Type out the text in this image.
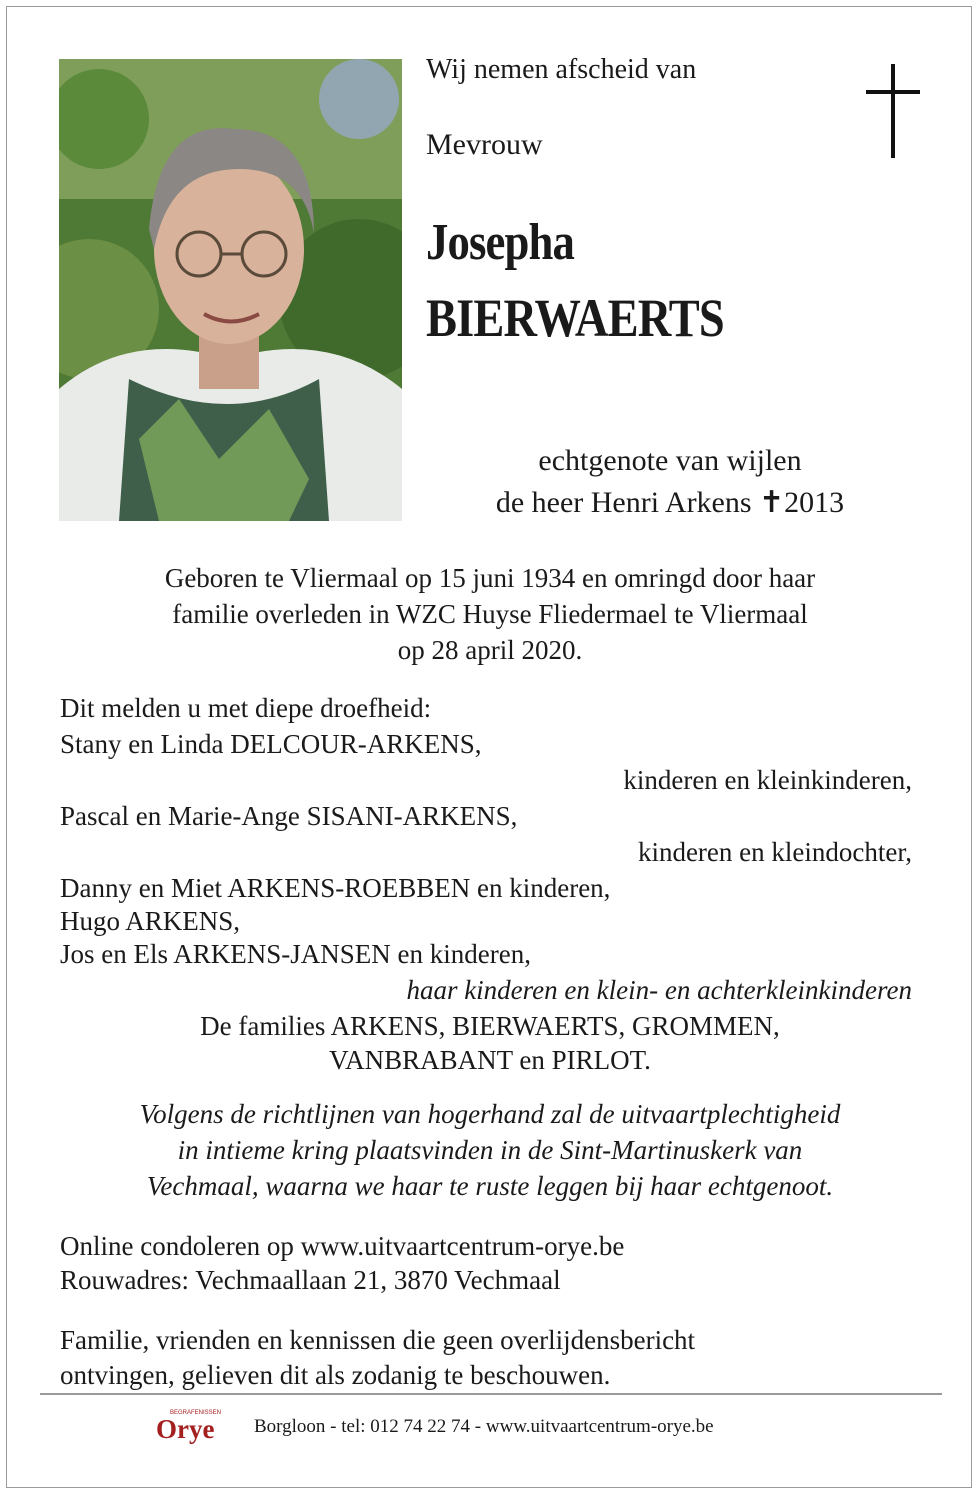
Wij nemen afscheid van
Mevrouw
Josepha
BIERWAERTS
echtgenote van wijlen
de heer Henri Arkens ✝2013
Geboren te Vliermaal op 15 juni 1934 en omringd door haar
familie overleden in WZC Huyse Fliedermael te Vliermaal
op 28 april 2020.
Dit melden u met diepe droefheid:
Stany en Linda DELCOUR-ARKENS,
kinderen en kleinkinderen,
Pascal en Marie-Ange SISANI-ARKENS,
kinderen en kleindochter,
Danny en Miet ARKENS-ROEBBEN en kinderen,
Hugo ARKENS,
Jos en Els ARKENS-JANSEN en kinderen,
haar kinderen en klein- en achterkleinkinderen
De families ARKENS, BIERWAERTS, GROMMEN,
VANBRABANT en PIRLOT.
Volgens de richtlijnen van hogerhand zal de uitvaartplechtigheid
in intieme kring plaatsvinden in de Sint-Martinuskerk van
Vechmaal, waarna we haar te ruste leggen bij haar echtgenoot.
Online condoleren op www.uitvaartcentrum-orye.be
Rouwadres: Vechmaallaan 21, 3870 Vechmaal
Familie, vrienden en kennissen die geen overlijdensbericht
ontvingen, gelieven dit als zodanig te beschouwen.
BEGRAFENISSEN
Orye Borgloon - tel: 012 74 22 74 - www.uitvaartcentrum-orye.be
